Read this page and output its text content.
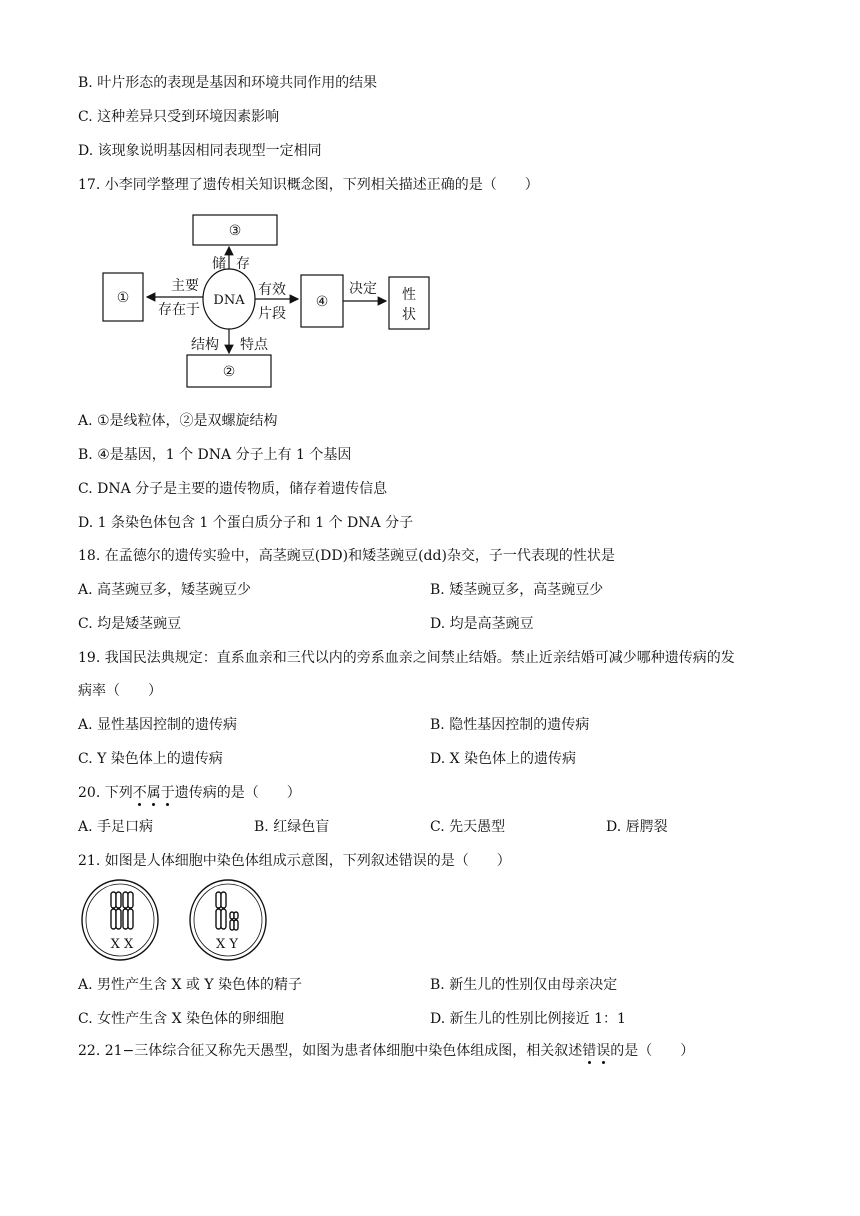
B. 叶片形态的表现是基因和环境共同作用的结果
C. 这种差异只受到环境因素影响
D. 该现象说明基因相同表现型一定相同
17. 小李同学整理了遗传相关知识概念图，下列相关描述正确的是（　　）
③
①
②
④	性
状
DNA
储 存
主要
存在于
有效
片段
决定
结构 特点
A. ①是线粒体，②是双螺旋结构
B. ④是基因，1 个 DNA 分子上有 1 个基因
C. DNA 分子是主要的遗传物质，储存着遗传信息
D. 1 条染色体包含 1 个蛋白质分子和 1 个 DNA 分子
18. 在孟德尔的遗传实验中，高茎豌豆(DD)和矮茎豌豆(dd)杂交，子一代表现的性状是
A. 高茎豌豆多，矮茎豌豆少	B. 矮茎豌豆多，高茎豌豆少
C. 均是矮茎豌豆	D. 均是高茎豌豆
19. 我国民法典规定：直系血亲和三代以内的旁系血亲之间禁止结婚。禁止近亲结婚可减少哪种遗传病的发
病率（　　）
A. 显性基因控制的遗传病	B. 隐性基因控制的遗传病
C. Y 染色体上的遗传病	D. X 染色体上的遗传病
20. 下列不属于遗传病的是（　　）
A. 手足口病	B. 红绿色盲	C. 先天愚型	D. 唇腭裂
21. 如图是人体细胞中染色体组成示意图，下列叙述错误的是（　　）
X X	X Y
A. 男性产生含 X 或 Y 染色体的精子	B. 新生儿的性别仅由母亲决定
C. 女性产生含 X 染色体的卵细胞	D. 新生儿的性别比例接近 1：1
22. 21−三体综合征又称先天愚型，如图为患者体细胞中染色体组成图，相关叙述错误的是（　　）
